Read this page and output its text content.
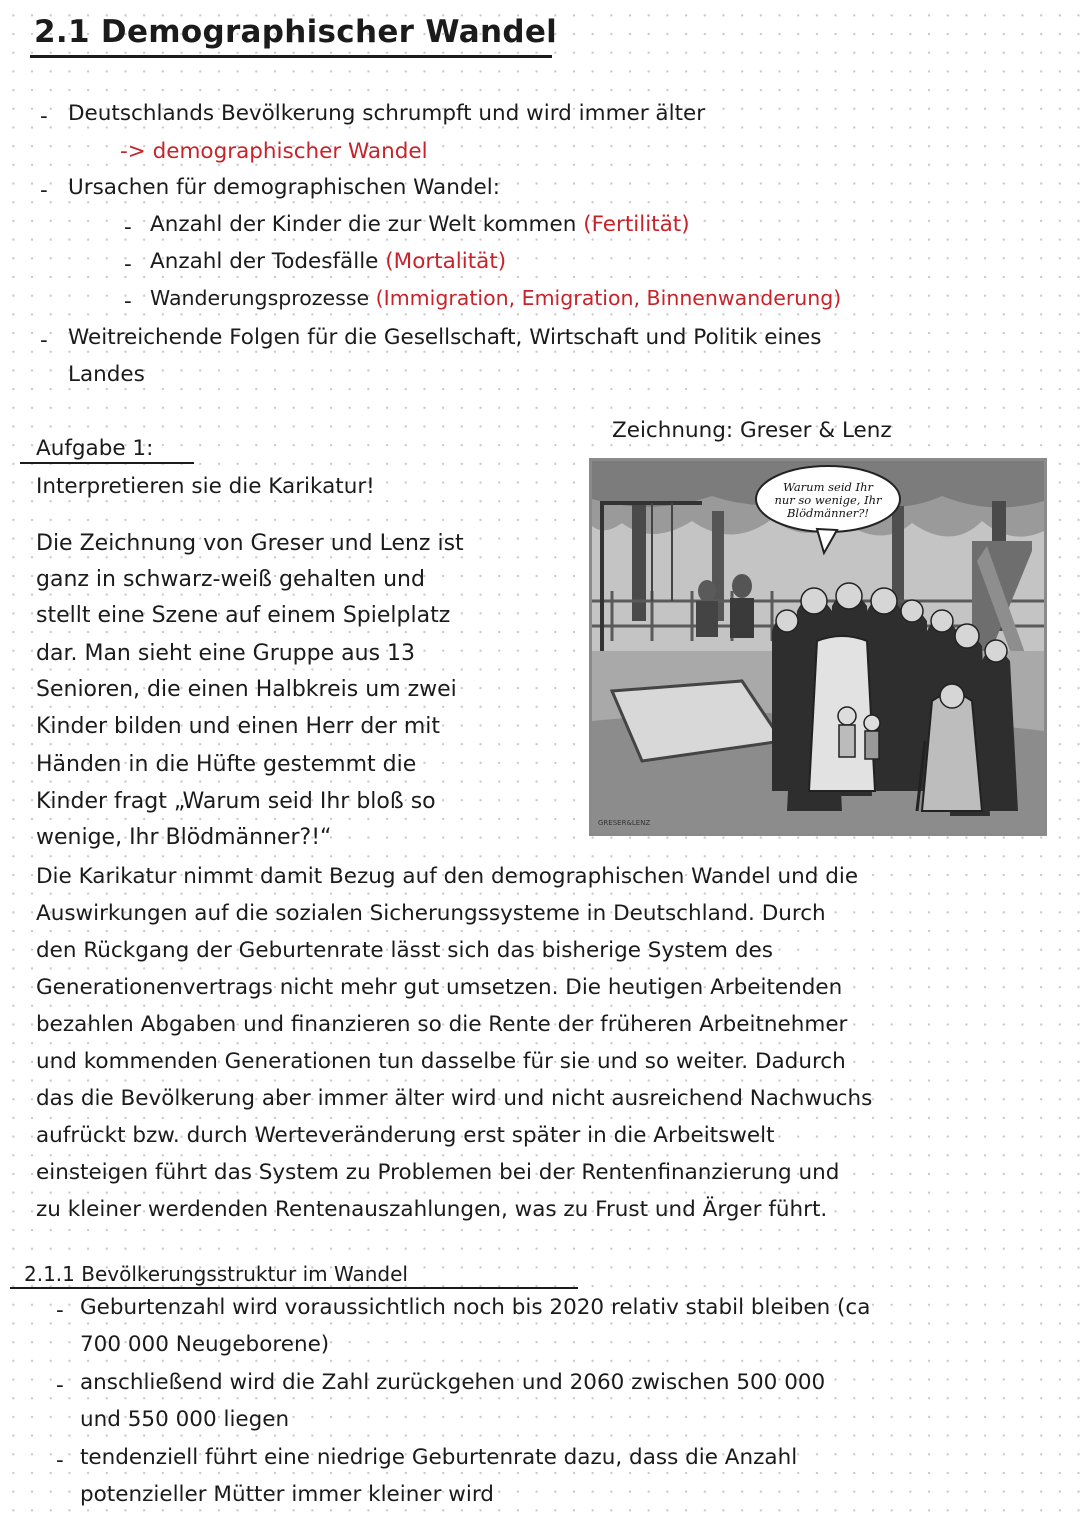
2.1 Demographischer Wandel
- Deutschlands Bevölkerung schrumpft und wird immer älter
-> demographischer Wandel
- Ursachen für demographischen Wandel:
- Anzahl der Kinder die zur Welt kommen (Fertilität)
- Anzahl der Todesfälle (Mortalität)
- Wanderungsprozesse (Immigration, Emigration, Binnenwanderung)
- Weitreichende Folgen für die Gesellschaft, Wirtschaft und Politik eines
Landes
Zeichnung: Greser & Lenz
Aufgabe 1:
Interpretieren sie die Karikatur!	Warum seid Ihr
nur so wenige, Ihr
Blödmänner?!
GRESER&LENZ
Die Zeichnung von Greser und Lenz ist
ganz in schwarz-weiß gehalten und
stellt eine Szene auf einem Spielplatz
dar. Man sieht eine Gruppe aus 13
Senioren, die einen Halbkreis um zwei
Kinder bilden und einen Herr der mit
Händen in die Hüfte gestemmt die
Kinder fragt „Warum seid Ihr bloß so
wenige, Ihr Blödmänner?!“
Die Karikatur nimmt damit Bezug auf den demographischen Wandel und die
Auswirkungen auf die sozialen Sicherungssysteme in Deutschland. Durch
den Rückgang der Geburtenrate lässt sich das bisherige System des
Generationenvertrags nicht mehr gut umsetzen. Die heutigen Arbeitenden
bezahlen Abgaben und finanzieren so die Rente der früheren Arbeitnehmer
und kommenden Generationen tun dasselbe für sie und so weiter. Dadurch
das die Bevölkerung aber immer älter wird und nicht ausreichend Nachwuchs
aufrückt bzw. durch Werteveränderung erst später in die Arbeitswelt
einsteigen führt das System zu Problemen bei der Rentenfinanzierung und
zu kleiner werdenden Rentenauszahlungen, was zu Frust und Ärger führt.
2.1.1 Bevölkerungsstruktur im Wandel
- Geburtenzahl wird voraussichtlich noch bis 2020 relativ stabil bleiben (ca
700 000 Neugeborene)
- anschließend wird die Zahl zurückgehen und 2060 zwischen 500 000
und 550 000 liegen
- tendenziell führt eine niedrige Geburtenrate dazu, dass die Anzahl
potenzieller Mütter immer kleiner wird
